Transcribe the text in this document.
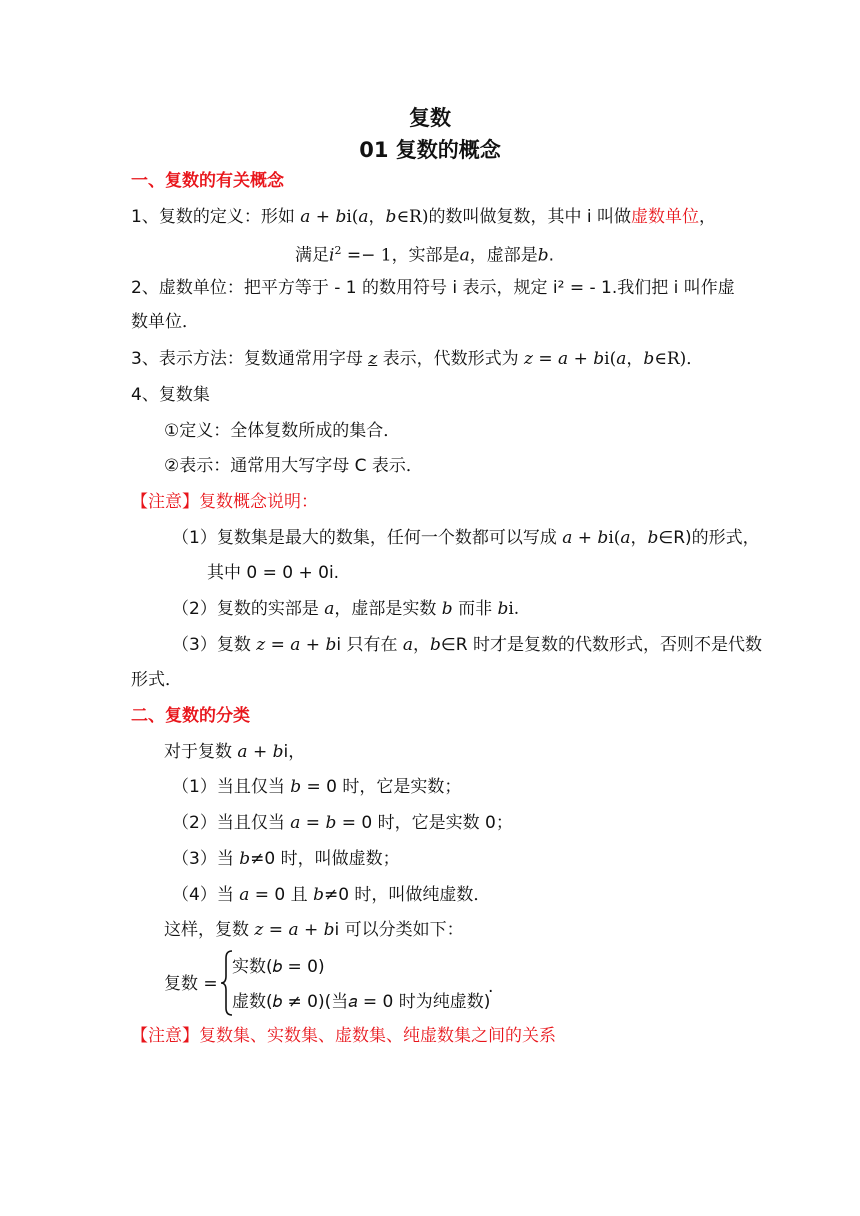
复数
01 复数的概念
一、复数的有关概念
1、复数的定义：形如 a + bi(a，b∈R)的数叫做复数，其中 i 叫做虚数单位，
满足$i^2 =- 1$，实部是a，虚部是b.
2、虚数单位：把平方等于 - 1 的数用符号 i 表示，规定 i² = - 1.我们把 i 叫作虚
数单位．
3、表示方法：复数通常用字母 z 表示，代数形式为 z = a + bi(a，b∈R)．
4、复数集
①定义：全体复数所成的集合．
②表示：通常用大写字母 C 表示．
【注意】复数概念说明：
（1）复数集是最大的数集，任何一个数都可以写成 a + bi(a，b∈R)的形式，
其中 0 = 0 + 0i.
（2）复数的实部是 a，虚部是实数 b 而非 bi.
（3）复数 z = a + bi 只有在 a，b∈R 时才是复数的代数形式，否则不是代数
形式．
二、复数的分类
对于复数 a + bi，
（1）当且仅当 b = 0 时，它是实数；
（2）当且仅当 a = b = 0 时，它是实数 0；
（3）当 b≠0 时，叫做虚数；
（4）当 a = 0 且 b≠0 时，叫做纯虚数．
这样，复数 z = a + bi 可以分类如下：
复数 =
实数(𝑏 = 0)
虚数(𝑏 ≠ 0)(当𝑎 = 0 时为纯虚数)
.
【注意】复数集、实数集、虚数集、纯虚数集之间的关系
